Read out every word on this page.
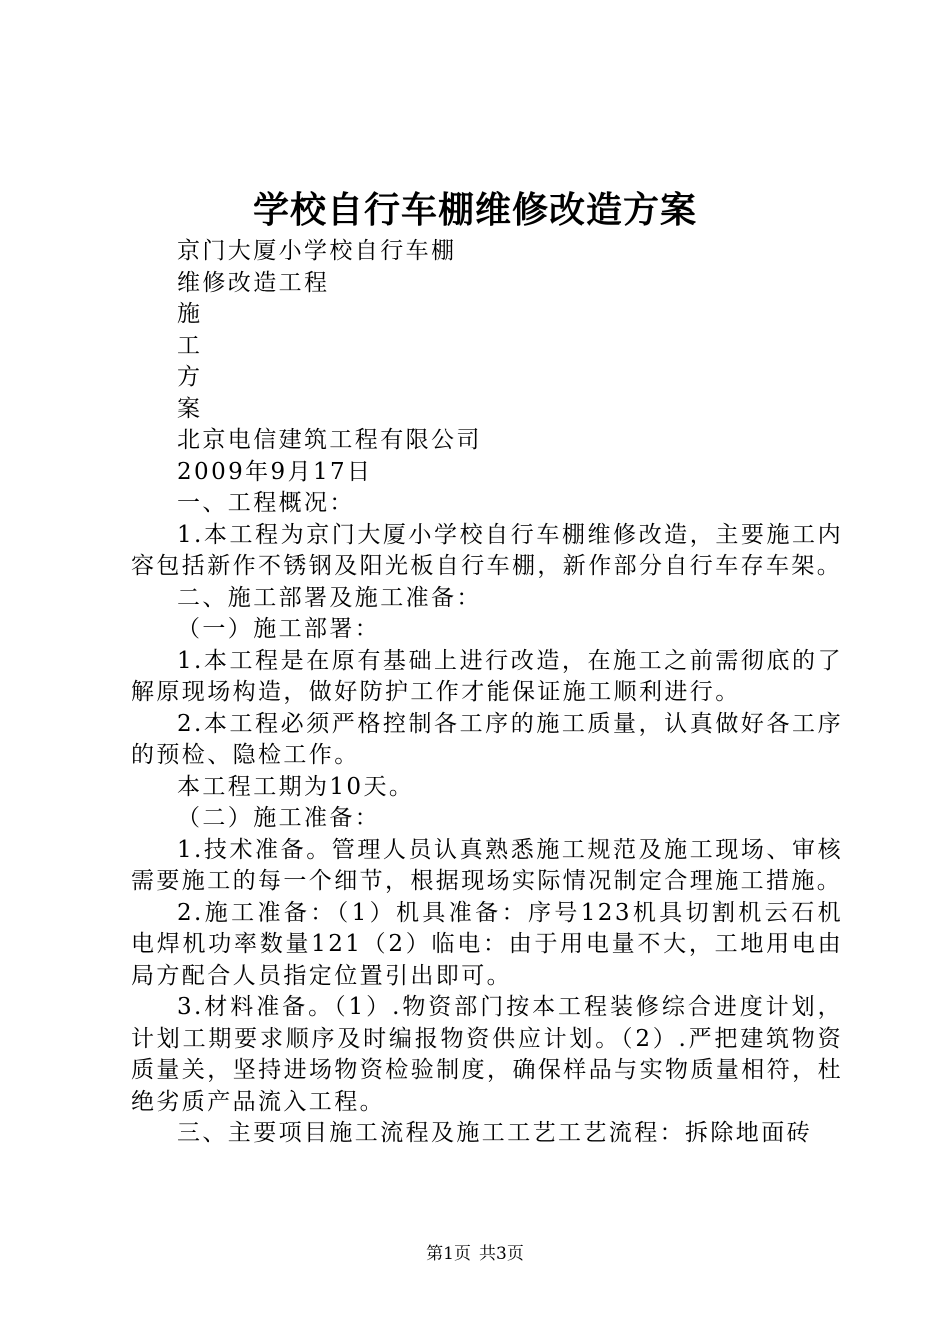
学校自行车棚维修改造方案

京门大厦小学校自行车棚

维修改造工程

施

工

方

案

北京电信建筑工程有限公司

2009年9月17日

一、工程概况：

1.本工程为京门大厦小学校自行车棚维修改造，主要施工内容包括新作不锈钢及阳光板自行车棚，新作部分自行车存车架。

二、施工部署及施工准备：

（一）施工部署：

1.本工程是在原有基础上进行改造，在施工之前需彻底的了解原现场构造，做好防护工作才能保证施工顺利进行。

2.本工程必须严格控制各工序的施工质量，认真做好各工序的预检、隐检工作。

本工程工期为10天。

（二）施工准备：

1.技术准备。管理人员认真熟悉施工规范及施工现场、审核需要施工的每一个细节，根据现场实际情况制定合理施工措施。

2.施工准备：（1）机具准备：序号123机具切割机云石机电焊机功率数量121（2）临电：由于用电量不大，工地用电由局方配合人员指定位置引出即可。

3.材料准备。（1）.物资部门按本工程装修综合进度计划，计划工期要求顺序及时编报物资供应计划。（2）.严把建筑物资质量关，坚持进场物资检验制度，确保样品与实物质量相符，杜绝劣质产品流入工程。

三、主要项目施工流程及施工工艺工艺流程：拆除地面砖

第1页 共3页
